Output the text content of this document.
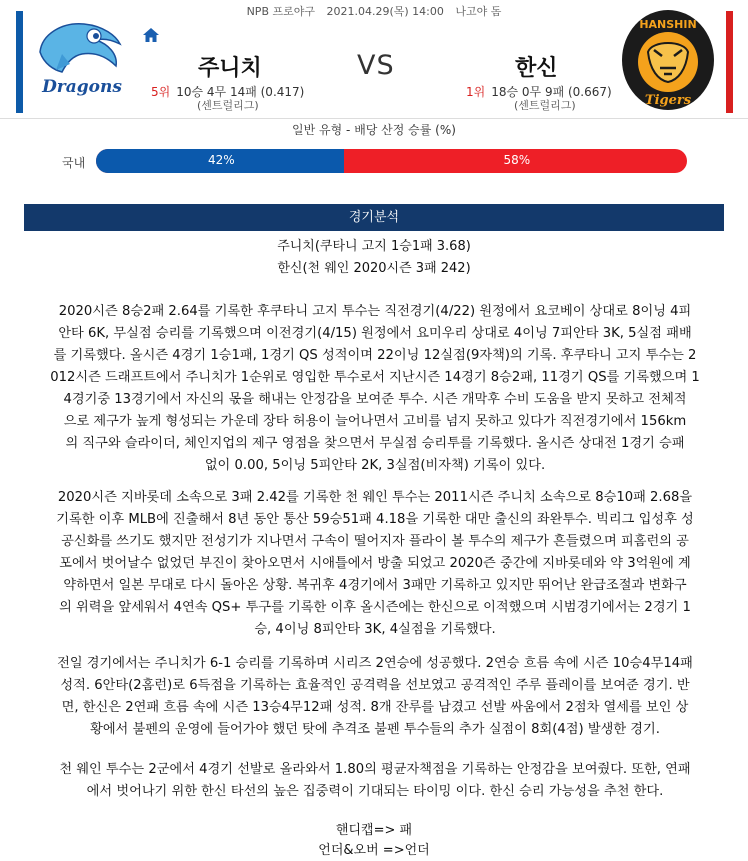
NPB 프로야구 2021.04.29(목) 14:00 나고야 돔
Dragons
주니치	VS	한신
5위 10승 4무 14패 (0.417)	1위 18승 0무 9패 (0.667)
(센트럴리그)	(센트럴리그)
HANSHIN
Tigers
일반 유형 - 배당 산정 승률 (%)
국내	42%	58%
경기분석
주니치(쿠타니 고지 1승1패 3.68)
한신(천 웨인 2020시즌 3패 242)
2020시즌 8승2패 2.64를 기록한 후쿠타니 고지 투수는 직전경기(4/22) 원정에서 요코베이 상대로 8이닝 4피
안타 6K, 무실점 승리를 기록했으며 이전경기(4/15) 원정에서 요미우리 상대로 4이닝 7피안타 3K, 5실점 패배
를 기록했다. 올시즌 4경기 1승1패, 1경기 QS 성적이며 22이닝 12실점(9자책)의 기록. 후쿠타니 고지 투수는 2
012시즌 드래프트에서 주니치가 1순위로 영입한 투수로서 지난시즌 14경기 8승2패, 11경기 QS를 기록했으며 1
4경기중 13경기에서 자신의 몫을 해내는 안정감을 보여준 투수. 시즌 개막후 수비 도움을 받지 못하고 전체적
으로 제구가 높게 형성되는 가운데 장타 허용이 늘어나면서 고비를 넘지 못하고 있다가 직전경기에서 156km
의 직구와 슬라이더, 체인지업의 제구 영점을 찾으면서 무실점 승리투를 기록했다. 올시즌 상대전 1경기 승패
없이 0.00, 5이닝 5피안타 2K, 3실점(비자책) 기록이 있다.
2020시즌 지바롯데 소속으로 3패 2.42를 기록한 천 웨인 투수는 2011시즌 주니치 소속으로 8승10패 2.68을
기록한 이후 MLB에 진출해서 8년 동안 통산 59승51패 4.18을 기록한 대만 출신의 좌완투수. 빅리그 입성후 성
공신화를 쓰기도 했지만 전성기가 지나면서 구속이 떨어지자 플라이 볼 투수의 제구가 흔들렸으며 피홈런의 공
포에서 벗어날수 없었던 부진이 찾아오면서 시애틀에서 방출 되었고 2020즌 중간에 지바롯데와 약 3억원에 계
약하면서 일본 무대로 다시 돌아온 상황. 복귀후 4경기에서 3패만 기록하고 있지만 뛰어난 완급조절과 변화구
의 위력을 앞세워서 4연속 QS+ 투구를 기록한 이후 올시즌에는 한신으로 이적했으며 시범경기에서는 2경기 1
승, 4이닝 8피안타 3K, 4실점을 기록했다.
전일 경기에서는 주니치가 6-1 승리를 기록하며 시리즈 2연승에 성공했다. 2연승 흐름 속에 시즌 10승4무14패
성적. 6안타(2홈런)로 6득점을 기록하는 효율적인 공격력을 선보였고 공격적인 주루 플레이를 보여준 경기. 반
면, 한신은 2연패 흐름 속에 시즌 13승4무12패 성적. 8개 잔루를 남겼고 선발 싸움에서 2점차 열세를 보인 상
황에서 불펜의 운영에 들어가야 했던 탓에 추격조 불펜 투수들의 추가 실점이 8회(4점) 발생한 경기.
천 웨인 투수는 2군에서 4경기 선발로 올라와서 1.80의 평균자책점을 기록하는 안정감을 보여줬다. 또한, 연패
에서 벗어나기 위한 한신 타선의 높은 집중력이 기대되는 타이밍 이다. 한신 승리 가능성을 추천 한다.
핸디캡=> 패
언더&오버 =>언더
